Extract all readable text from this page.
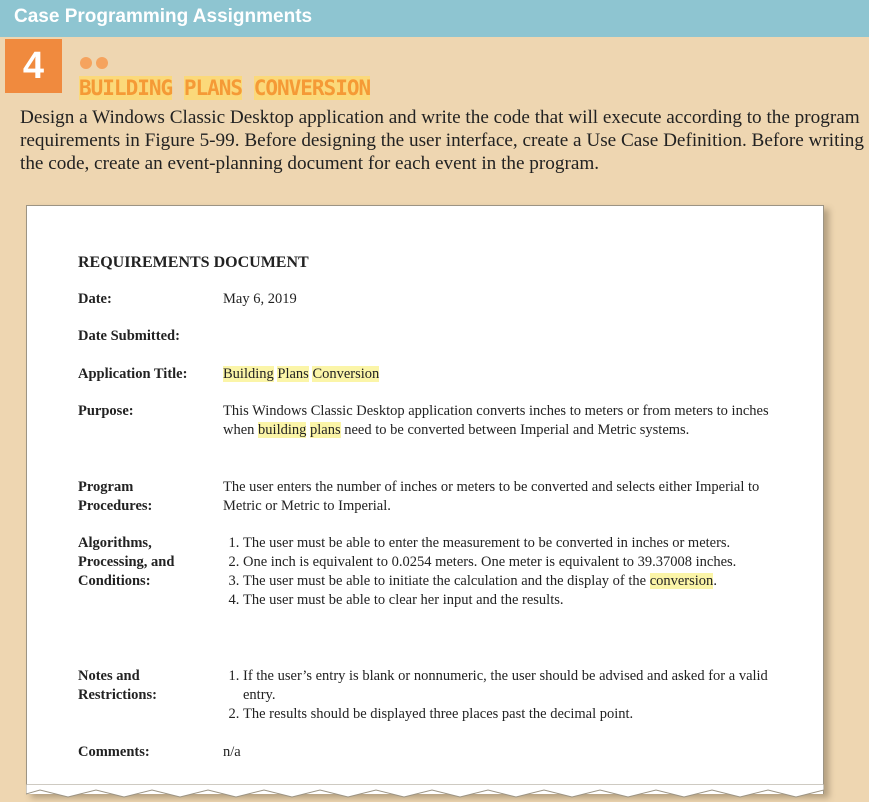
Case Programming Assignments
4
BUILDING PLANS CONVERSION
Design a Windows Classic Desktop application and write the code that will execute according to the program requirements in Figure 5-99. Before designing the user interface, create a Use Case Definition. Before writing the code, create an event-planning document for each event in the program.
REQUIREMENTS DOCUMENT
Date:	May 6, 2019
Date Submitted:
Application Title: Building Plans Conversion
Purpose:	This Windows Classic Desktop application converts inches to meters or from meters to inches when building plans need to be converted between Imperial and Metric systems.
Program
Procedures:
The user enters the number of inches or meters to be converted and selects either Imperial to Metric or Metric to Imperial.
Algorithms,
Processing, and
Conditions:
1. The user must be able to enter the measurement to be converted in inches or meters.
2. One inch is equivalent to 0.0254 meters. One meter is equivalent to 39.37008 inches.
3. The user must be able to initiate the calculation and the display of the conversion.
4. The user must be able to clear her input and the results.
Notes and
Restrictions:
1. If the user’s entry is blank or nonnumeric, the user should be advised and asked for a valid entry.
2. The results should be displayed three places past the decimal point.
Comments:	n/a
